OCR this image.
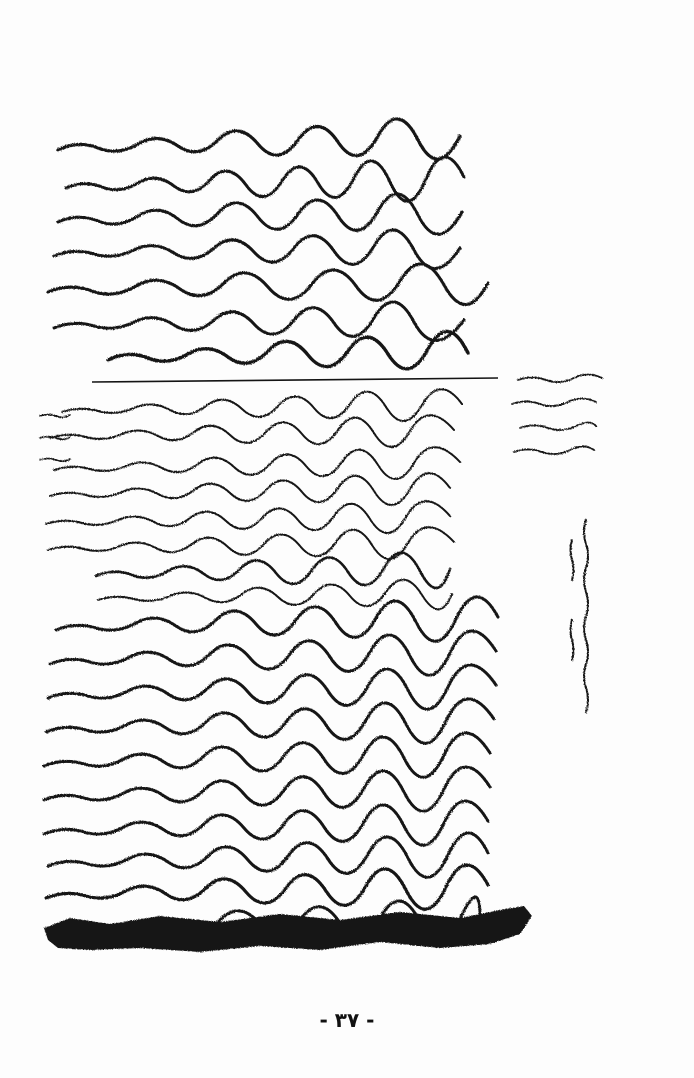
- ٣٧ -
